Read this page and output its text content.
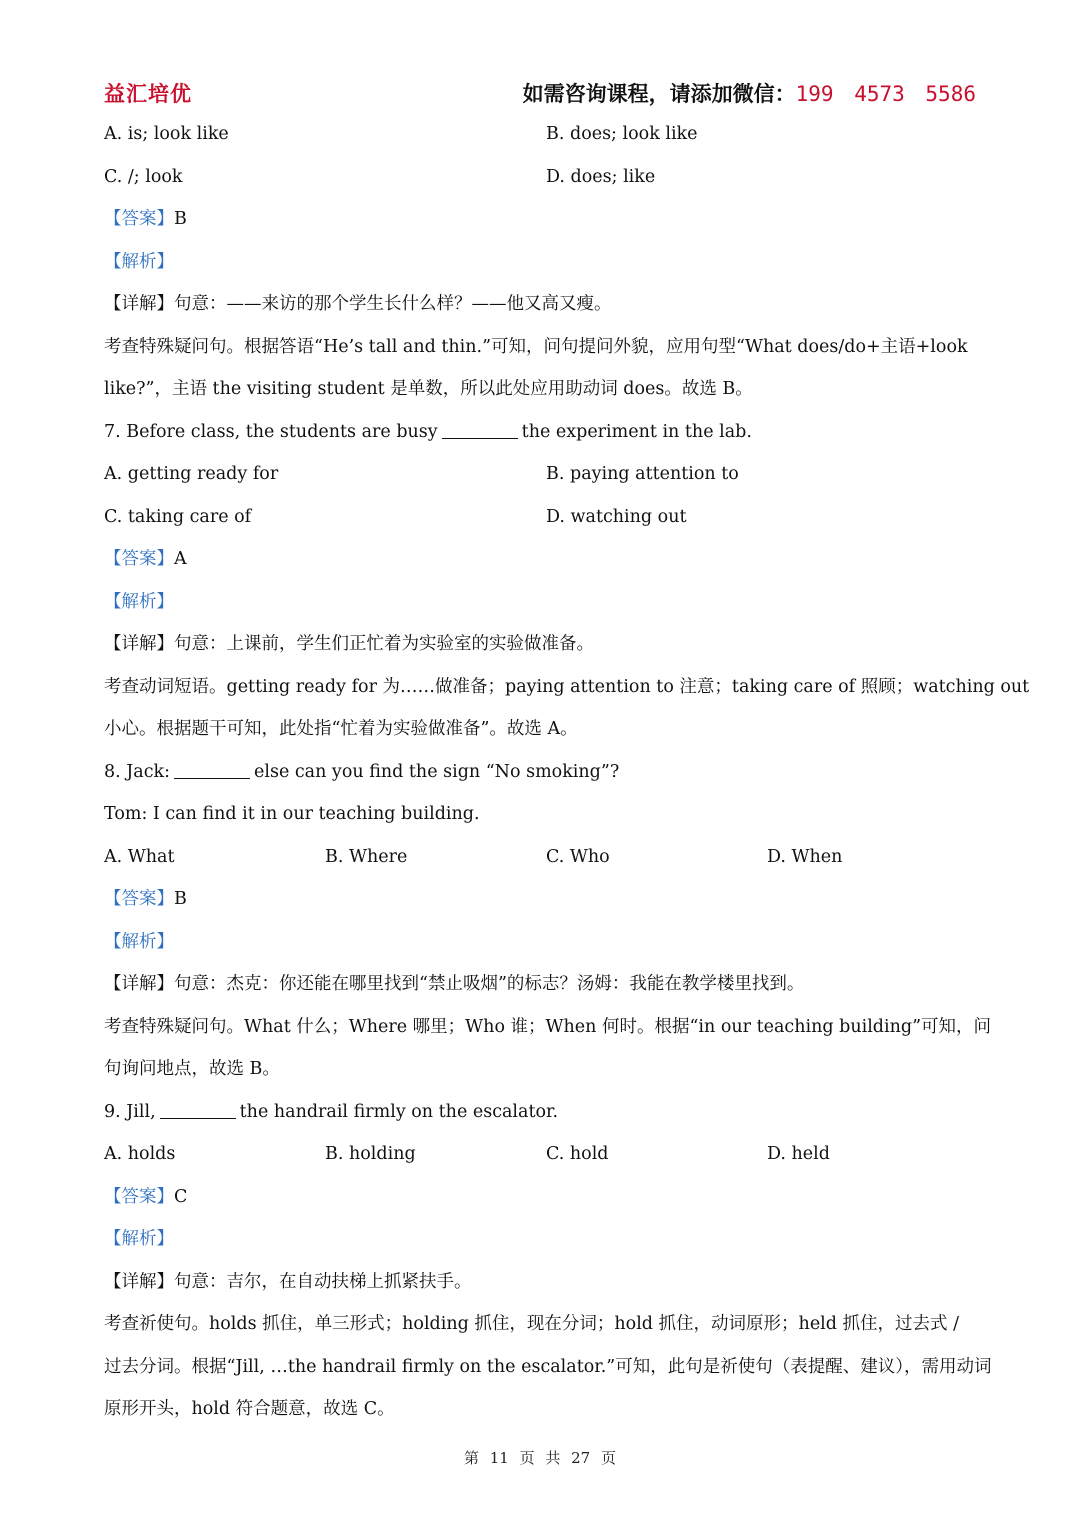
益汇培优	如需咨询课程，请添加微信：199 4573 5586
A. is; look like	B. does; look like
C. /; look	D. does; like
【答案】B
【解析】
【详解】句意：——来访的那个学生长什么样？——他又高又瘦。
考查特殊疑问句。根据答语“He’s tall and thin.”可知，问句提问外貌，应用句型“What does/do+主语+look
like?”，主语 the visiting student 是单数，所以此处应用助动词 does。故选 B。
7. Before class, the students are busy	the experiment in the lab.
A. getting ready for	B. paying attention to
C. taking care of	D. watching out
【答案】A
【解析】
【详解】句意：上课前，学生们正忙着为实验室的实验做准备。
考查动词短语。getting ready for 为……做准备；paying attention to 注意；taking care of 照顾；watching out
小心。根据题干可知，此处指“忙着为实验做准备”。故选 A。
8. Jack:	else can you find the sign “No smoking”?
Tom: I can find it in our teaching building.
A. What	B. Where	C. Who	D. When
【答案】B
【解析】
【详解】句意：杰克：你还能在哪里找到“禁止吸烟”的标志？汤姆：我能在教学楼里找到。
考查特殊疑问句。What 什么；Where 哪里；Who 谁；When 何时。根据“in our teaching building”可知，问
句询问地点，故选 B。
9. Jill,	the handrail firmly on the escalator.
A. holds	B. holding	C. hold	D. held
【答案】C
【解析】
【详解】句意：吉尔，在自动扶梯上抓紧扶手。
考查祈使句。holds 抓住，单三形式；holding 抓住，现在分词；hold 抓住，动词原形；held 抓住，过去式 /
过去分词。根据“Jill, …the handrail firmly on the escalator.”可知，此句是祈使句（表提醒、建议），需用动词
原形开头，hold 符合题意，故选 C。
第 11 页 共 27 页
